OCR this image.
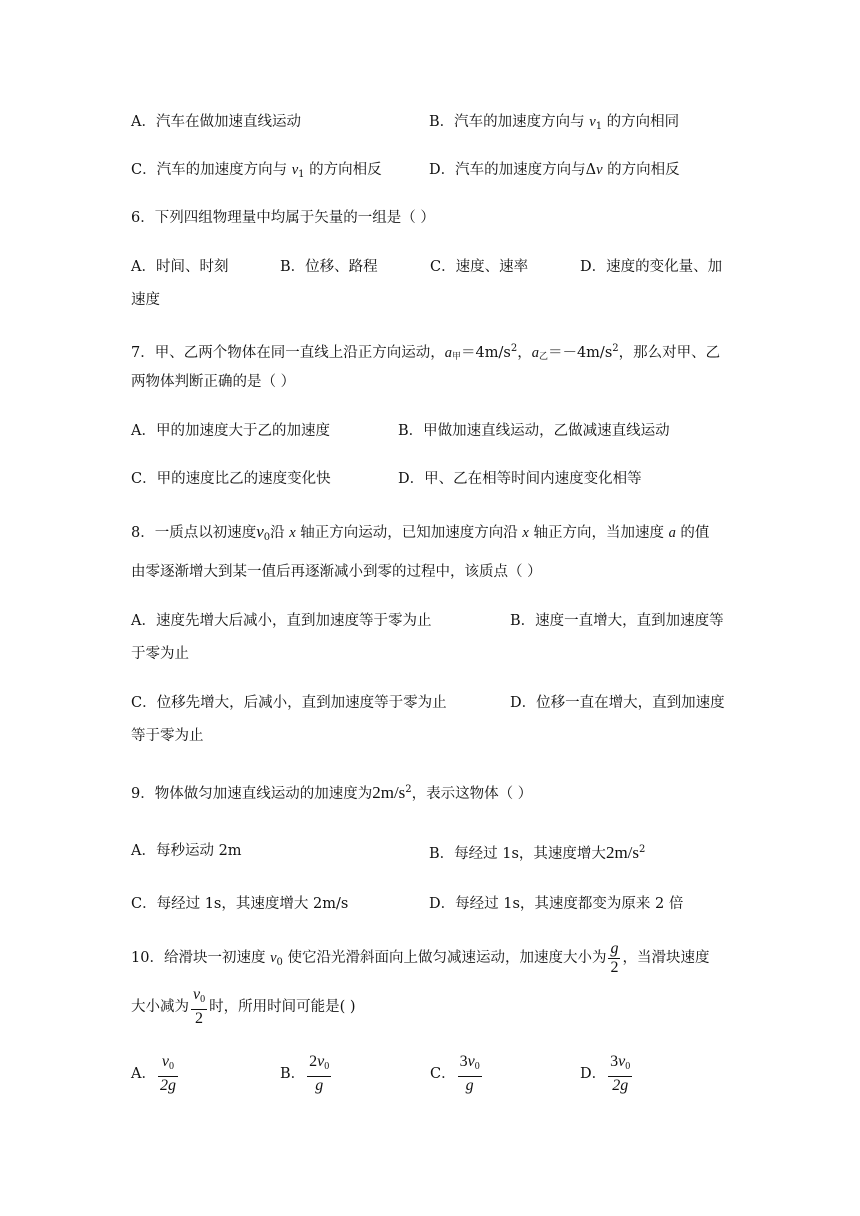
A．汽车在做加速直线运动	B．汽车的加速度方向与 $v_1$ 的方向相同
C．汽车的加速度方向与 $v_1$ 的方向相反	D．汽车的加速度方向与Δv 的方向相反
6．下列四组物理量中均属于矢量的一组是（ ）
A．时间、时刻	B．位移、路程	C．速度、速率	D．速度的变化量、加
速度
7．甲、乙两个物体在同一直线上沿正方向运动，a甲$=4m/s^2$，a乙$=-4m/s^2$，那么对甲、乙
两物体判断正确的是（ ）
A．甲的加速度大于乙的加速度	B．甲做加速直线运动，乙做减速直线运动
C．甲的速度比乙的速度变化快	D．甲、乙在相等时间内速度变化相等
8．一质点以初速度$v_0$沿 x 轴正方向运动，已知加速度方向沿 x 轴正方向，当加速度 a 的值
由零逐渐增大到某一值后再逐渐减小到零的过程中，该质点（ ）
A．速度先增大后减小，直到加速度等于零为止	B．速度一直增大，直到加速度等
于零为止
C．位移先增大，后减小，直到加速度等于零为止	D．位移一直在增大，直到加速度
等于零为止
9．物体做匀加速直线运动的加速度为$2m/s^2$，表示这物体（ ）
A．每秒运动 2m	B．每经过 1s，其速度增大$2m/s^2$
C．每经过 1s，其速度增大 2m/s	D．每经过 1s，其速度都变为原来 2 倍
10．给滑块一初速度 $v_0$ 使它沿光滑斜面向上做匀减速运动，加速度大小为 $\frac{g}{2}$ ，当滑块速度
大小减为 $\frac{v0}{2}$ 时，所用时间可能是( )
A． $\frac{v0}{2g}$	B． $\frac{2v0}{g}$	C． $\frac{3v0}{g}$	D． $\frac{3v0}{2g}$
